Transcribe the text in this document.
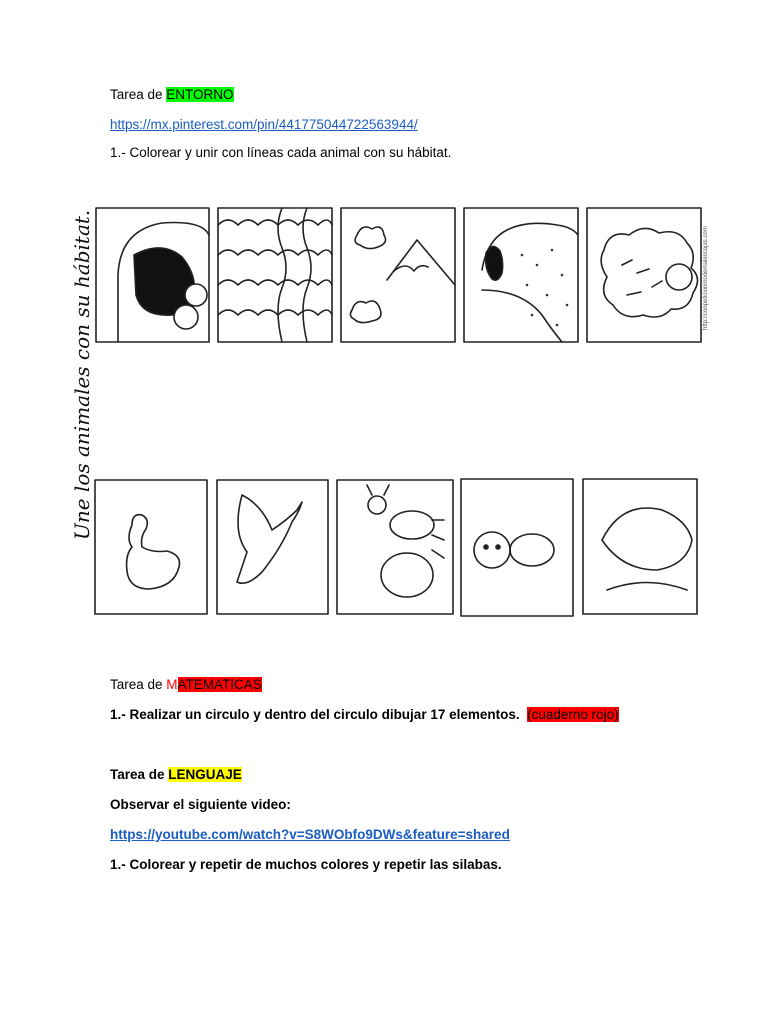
Tarea de ENTORNO
https://mx.pinterest.com/pin/441775044722563944/
1.- Colorear y unir con líneas cada animal con su hábitat.
Une los animales con su hábitat.	http://conpeticionmodernalescajas.com
Tarea de MATEMATICAS
1.- Realizar un circulo y dentro del circulo dibujar 17 elementos. (cuaderno rojo)
Tarea de LENGUAJE
Observar el siguiente video:
https://youtube.com/watch?v=S8WObfo9DWs&feature=shared
1.- Colorear y repetir de muchos colores y repetir las silabas.
